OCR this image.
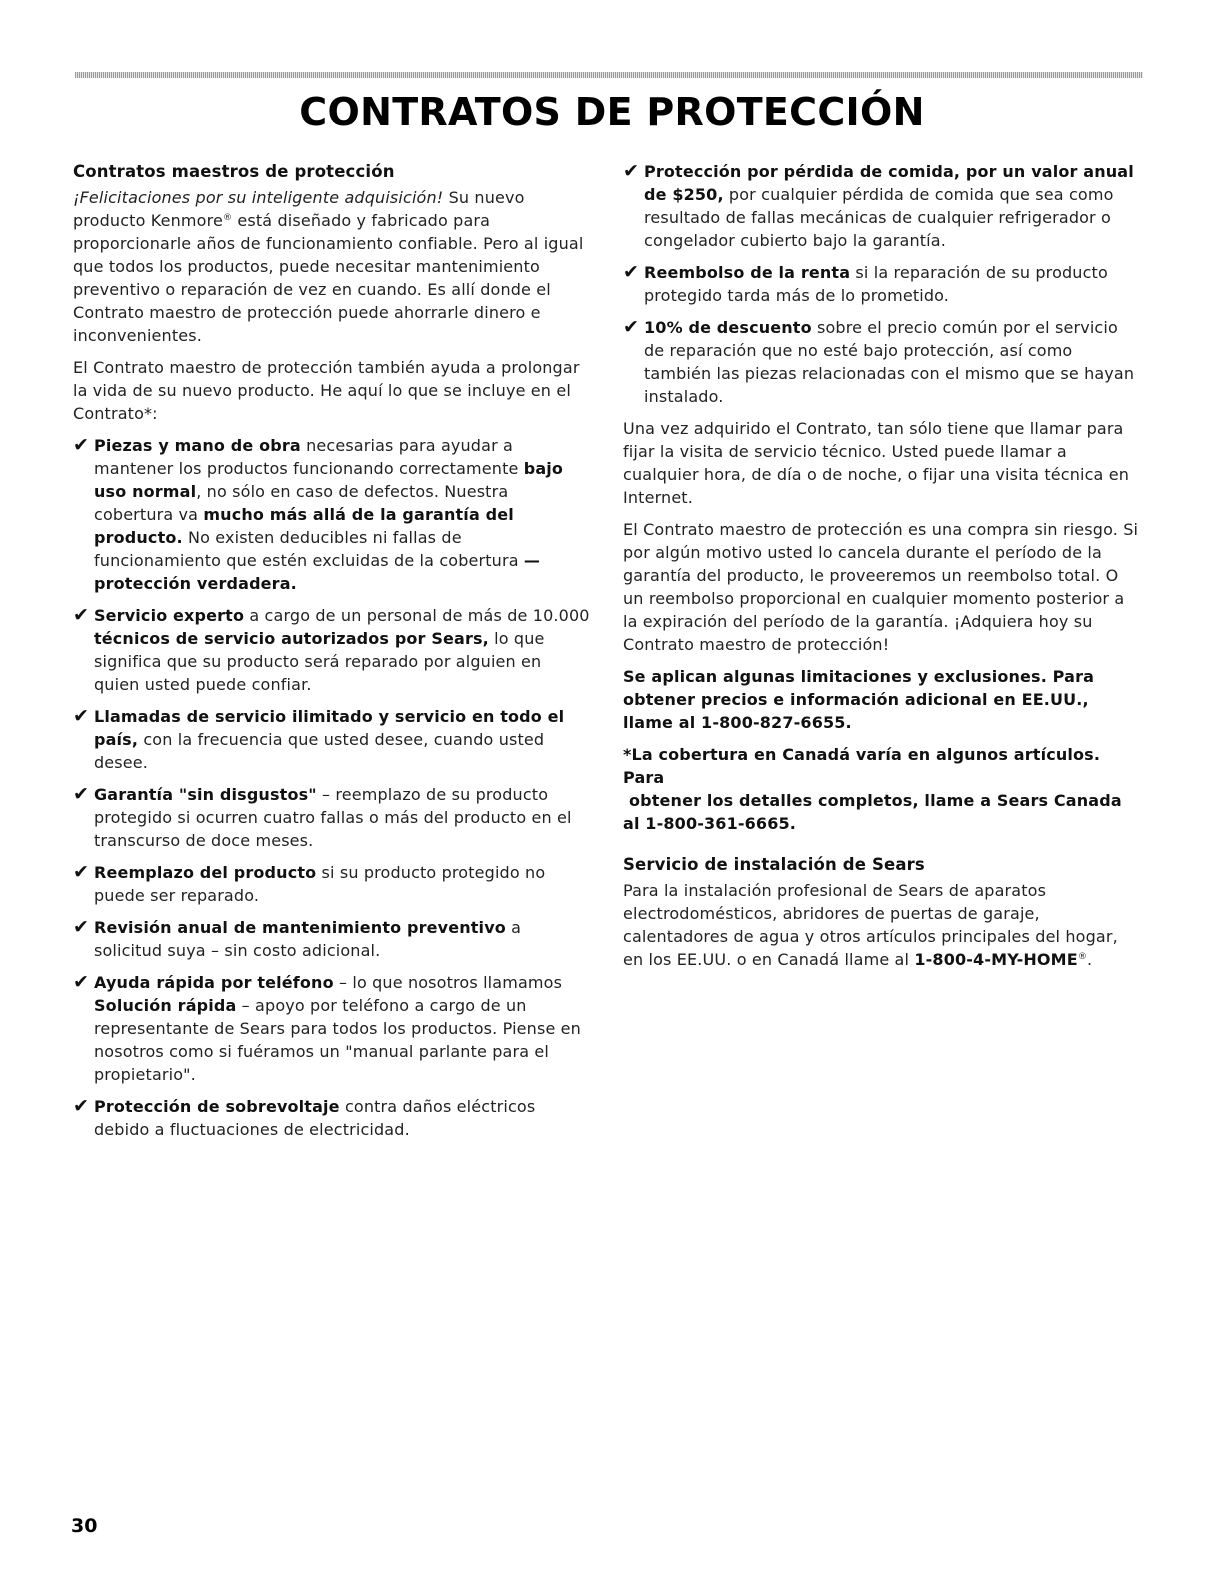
CONTRATOS DE PROTECCIÓN
Contratos maestros de protección

¡Felicitaciones por su inteligente adquisición! Su nuevo producto Kenmore® está diseñado y fabricado para proporcionarle años de funcionamiento confiable. Pero al igual que todos los productos, puede necesitar mantenimiento preventivo o reparación de vez en cuando. Es allí donde el Contrato maestro de protección puede ahorrarle dinero e inconvenientes.

El Contrato maestro de protección también ayuda a prolongar la vida de su nuevo producto. He aquí lo que se incluye en el Contrato*:

✔ Piezas y mano de obra necesarias para ayudar a mantener los productos funcionando correctamente bajo uso normal, no sólo en caso de defectos. Nuestra cobertura va mucho más allá de la garantía del producto. No existen deducibles ni fallas de funcionamiento que estén excluidas de la cobertura — protección verdadera.
✔ Servicio experto a cargo de un personal de más de 10.000 técnicos de servicio autorizados por Sears, lo que significa que su producto será reparado por alguien en quien usted puede confiar.
✔ Llamadas de servicio ilimitado y servicio en todo el país, con la frecuencia que usted desee, cuando usted desee.
✔ Garantía "sin disgustos" – reemplazo de su producto protegido si ocurren cuatro fallas o más del producto en el transcurso de doce meses.
✔ Reemplazo del producto si su producto protegido no puede ser reparado.
✔ Revisión anual de mantenimiento preventivo a solicitud suya – sin costo adicional.
✔ Ayuda rápida por teléfono – lo que nosotros llamamos Solución rápida – apoyo por teléfono a cargo de un representante de Sears para todos los productos. Piense en nosotros como si fuéramos un "manual parlante para el propietario".
✔ Protección de sobrevoltaje contra daños eléctricos debido a fluctuaciones de electricidad.
✔ Protección por pérdida de comida, por un valor anual de $250, por cualquier pérdida de comida que sea como resultado de fallas mecánicas de cualquier refrigerador o congelador cubierto bajo la garantía.
✔ Reembolso de la renta si la reparación de su producto protegido tarda más de lo prometido.
✔ 10% de descuento sobre el precio común por el servicio de reparación que no esté bajo protección, así como también las piezas relacionadas con el mismo que se hayan instalado.

Una vez adquirido el Contrato, tan sólo tiene que llamar para fijar la visita de servicio técnico. Usted puede llamar a cualquier hora, de día o de noche, o fijar una visita técnica en Internet.

El Contrato maestro de protección es una compra sin riesgo. Si por algún motivo usted lo cancela durante el período de la garantía del producto, le proveeremos un reembolso total. O un reembolso proporcional en cualquier momento posterior a la expiración del período de la garantía. ¡Adquiera hoy su Contrato maestro de protección!

Se aplican algunas limitaciones y exclusiones. Para obtener precios e información adicional en EE.UU., llame al 1-800-827-6655.

*La cobertura en Canadá varía en algunos artículos. Para
obtener los detalles completos, llame a Sears Canada al 1-800-361-6665.

Servicio de instalación de Sears

Para la instalación profesional de Sears de aparatos electrodomésticos, abridores de puertas de garaje, calentadores de agua y otros artículos principales del hogar, en los EE.UU. o en Canadá llame al 1-800-4-MY-HOME®.

30
